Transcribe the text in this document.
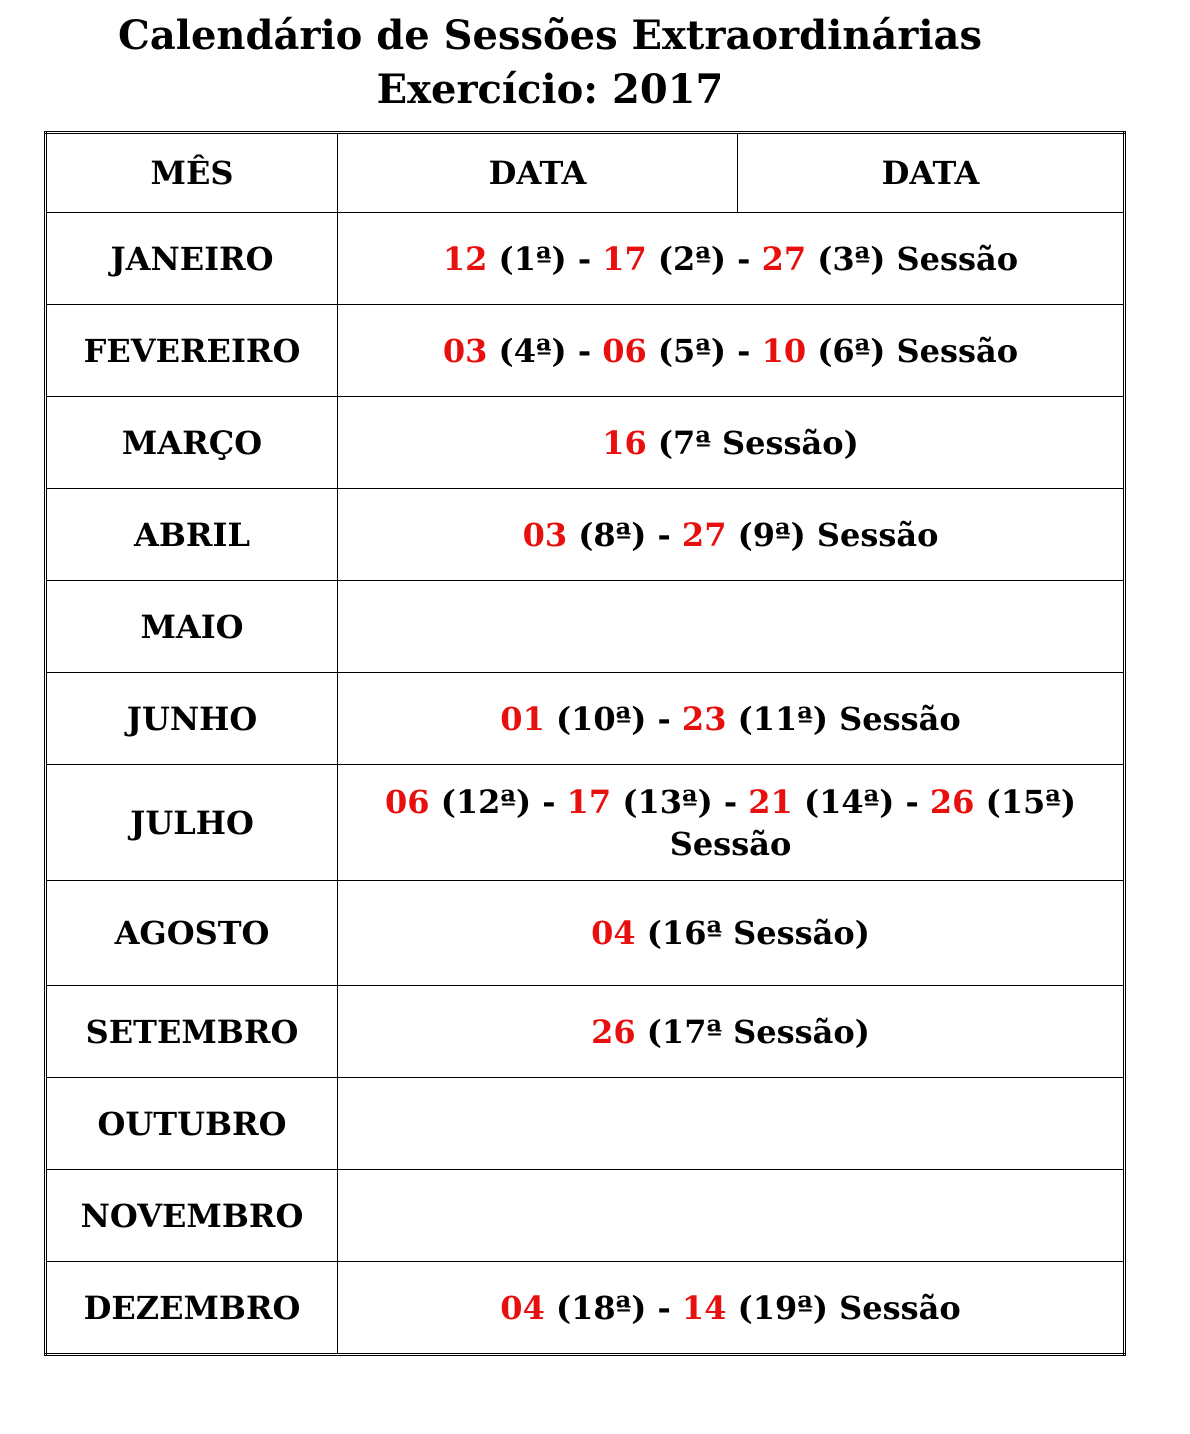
Calendário de Sessões Extraordinárias
Exercício: 2017
MÊS	DATA	DATA
JANEIRO	12 (1ª) - 17 (2ª) - 27 (3ª) Sessão	
FEVEREIRO	03 (4ª) - 06 (5ª) - 10 (6ª) Sessão	
MARÇO	16 (7ª Sessão)	
ABRIL	03 (8ª) - 27 (9ª) Sessão	
MAIO		
JUNHO	01 (10ª) - 23 (11ª) Sessão	
JULHO	06 (12ª) - 17 (13ª) - 21 (14ª) - 26 (15ª) Sessão	
AGOSTO	04 (16ª Sessão)	
SETEMBRO	26 (17ª Sessão)	
OUTUBRO		
NOVEMBRO		
DEZEMBRO	04 (18ª) - 14 (19ª) Sessão	
